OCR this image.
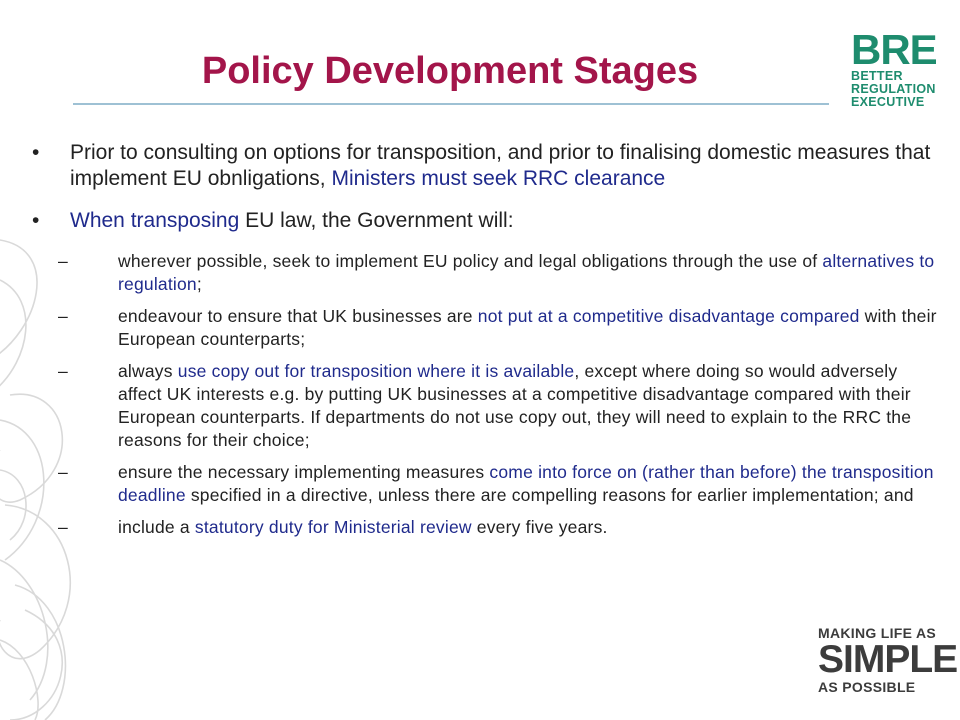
Policy Development Stages	BRE
BETTER
REGULATION
EXECUTIVE

• Prior to consulting on options for transposition, and prior to finalising domestic measures that implement EU obnligations, Ministers must seek RRC clearance

• When transposing EU law, the Government will:

–	wherever possible, seek to implement EU policy and legal obligations through the use of alternatives to regulation;

–	endeavour to ensure that UK businesses are not put at a competitive disadvantage compared with their European counterparts;

–	always use copy out for transposition where it is available, except where doing so would adversely affect UK interests e.g. by putting UK businesses at a competitive disadvantage compared with their European counterparts. If departments do not use copy out, they will need to explain to the RRC the reasons for their choice;

–	ensure the necessary implementing measures come into force on (rather than before) the transposition deadline specified in a directive, unless there are compelling reasons for earlier implementation; and

–	include a statutory duty for Ministerial review every five years.

MAKING LIFE AS
SIMPLE
AS POSSIBLE
